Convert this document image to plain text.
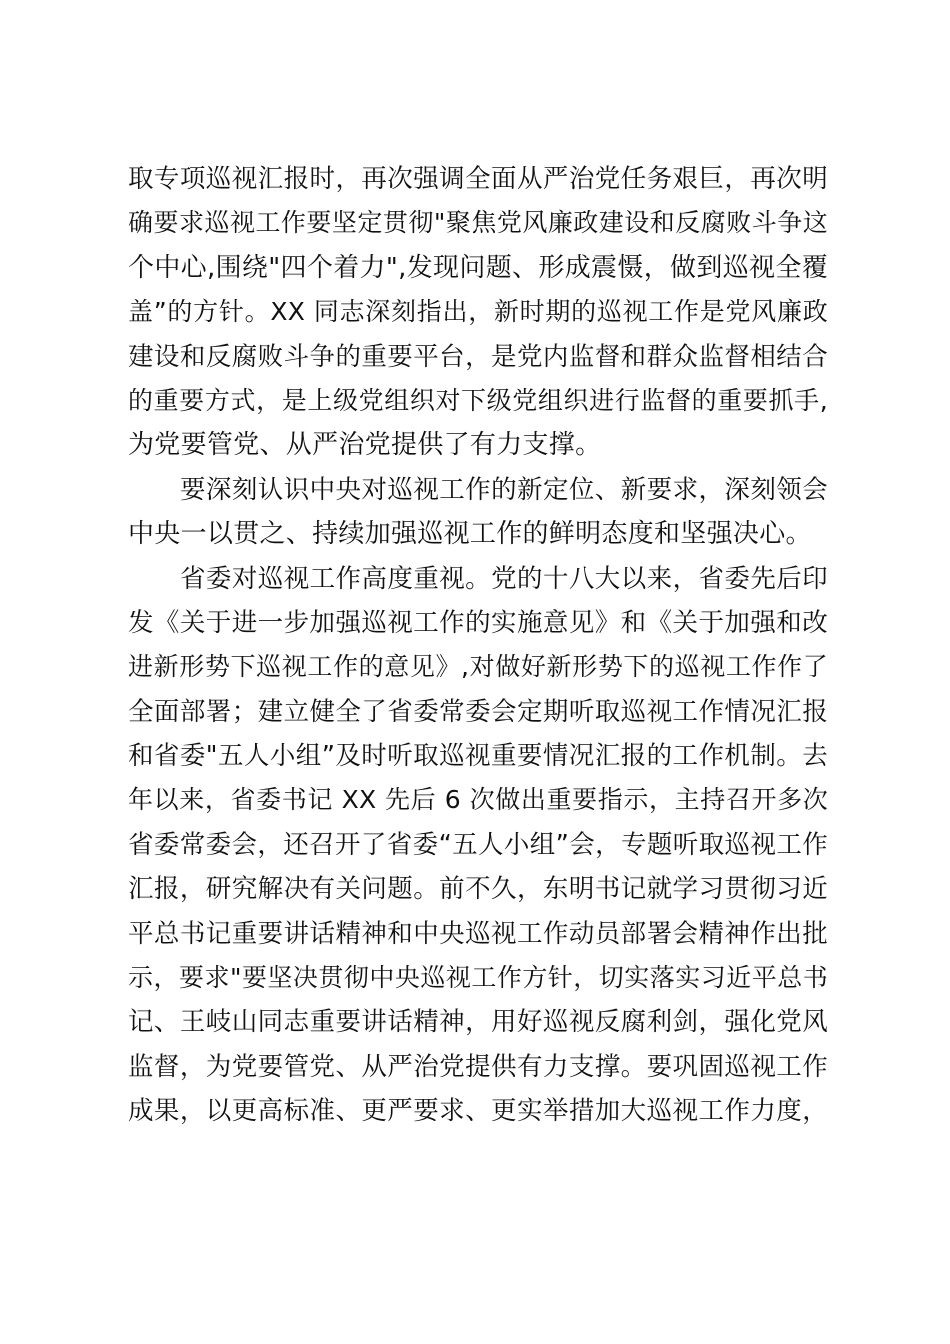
取专项巡视汇报时，再次强调全面从严治党任务艰巨，再次明
确要求巡视工作要坚定贯彻"聚焦党风廉政建设和反腐败斗争这
个中心,围绕"四个着力",发现问题、形成震慑，做到巡视全覆
盖”的方针。XX 同志深刻指出，新时期的巡视工作是党风廉政
建设和反腐败斗争的重要平台，是党内监督和群众监督相结合
的重要方式，是上级党组织对下级党组织进行监督的重要抓手,
为党要管党、从严治党提供了有力支撑。
要深刻认识中央对巡视工作的新定位、新要求，深刻领会
中央一以贯之、持续加强巡视工作的鲜明态度和坚强决心。
省委对巡视工作高度重视。党的十八大以来，省委先后印
发《关于进一步加强巡视工作的实施意见》和《关于加强和改
进新形势下巡视工作的意见》,对做好新形势下的巡视工作作了
全面部署；建立健全了省委常委会定期听取巡视工作情况汇报
和省委"五人小组”及时听取巡视重要情况汇报的工作机制。去
年以来，省委书记 XX 先后 6 次做出重要指示，主持召开多次
省委常委会，还召开了省委“五人小组”会，专题听取巡视工作
汇报，研究解决有关问题。前不久，东明书记就学习贯彻习近
平总书记重要讲话精神和中央巡视工作动员部署会精神作出批
示，要求"要坚决贯彻中央巡视工作方针，切实落实习近平总书
记、王岐山同志重要讲话精神，用好巡视反腐利剑，强化党风
监督，为党要管党、从严治党提供有力支撑。要巩固巡视工作
成果，以更高标准、更严要求、更实举措加大巡视工作力度，
